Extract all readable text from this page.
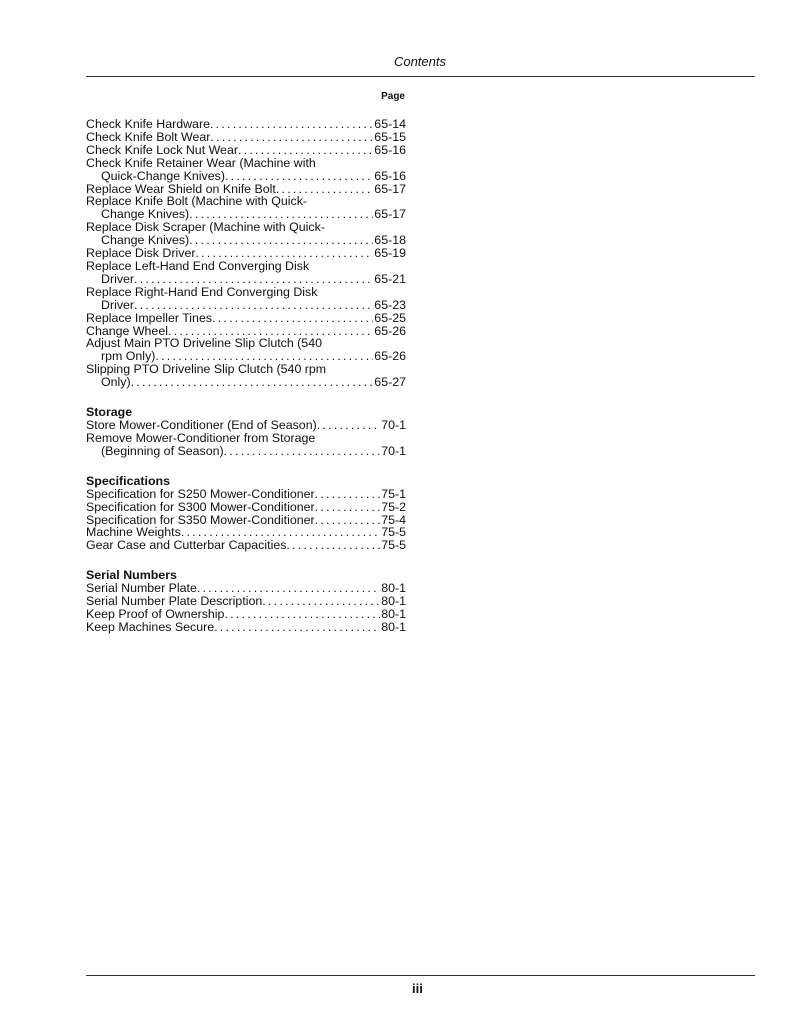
Contents
Page
Check Knife Hardware . . .	65-14
Check Knife Bolt Wear . . .	65-15
Check Knife Lock Nut Wear . . .	65-16
Check Knife Retainer Wear (Machine with
Quick-Change Knives) . . .	65-16
Replace Wear Shield on Knife Bolt . . .	65-17
Replace Knife Bolt (Machine with Quick-
Change Knives) . . .	65-17
Replace Disk Scraper (Machine with Quick-
Change Knives) . . .	65-18
Replace Disk Driver . . .	65-19
Replace Left-Hand End Converging Disk
Driver . . .	65-21
Replace Right-Hand End Converging Disk
Driver . . .	65-23
Replace Impeller Tines . . .	65-25
Change Wheel . . .	65-26
Adjust Main PTO Driveline Slip Clutch (540
rpm Only) . . .	65-26
Slipping PTO Driveline Slip Clutch (540 rpm
Only) . . .	65-27
Storage
Store Mower-Conditioner (End of Season) . . .	70-1
Remove Mower-Conditioner from Storage
(Beginning of Season) . . .	70-1
Specifications
Specification for S250 Mower-Conditioner . . .	75-1
Specification for S300 Mower-Conditioner . . .	75-2
Specification for S350 Mower-Conditioner . . .	75-4
Machine Weights . . .	75-5
Gear Case and Cutterbar Capacities . . .	75-5
Serial Numbers
Serial Number Plate . . .	80-1
Serial Number Plate Description . . .	80-1
Keep Proof of Ownership . . .	80-1
Keep Machines Secure . . .	80-1
iii
